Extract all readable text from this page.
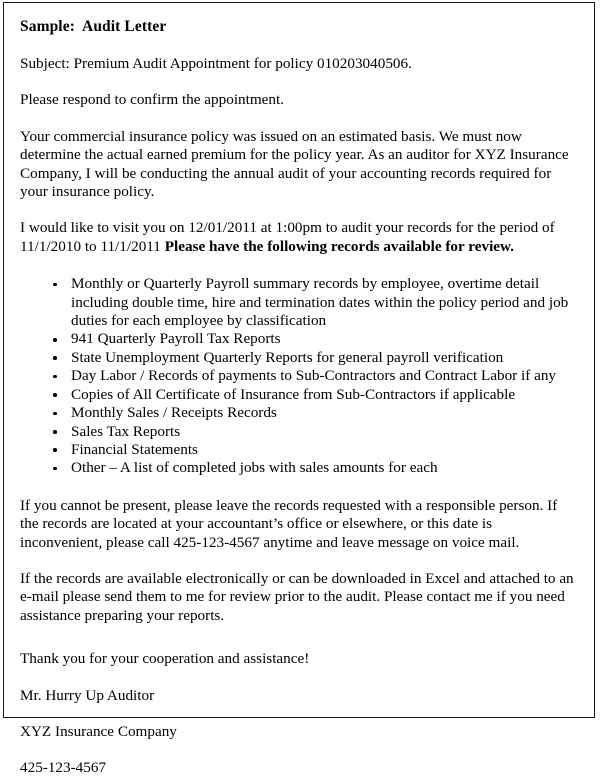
Sample:  Audit Letter

Subject: Premium Audit Appointment for policy 010203040506.

Please respond to confirm the appointment.

Your commercial insurance policy was issued on an estimated basis. We must now determine the actual earned premium for the policy year. As an auditor for XYZ Insurance Company, I will be conducting the annual audit of your accounting records required for your insurance policy.

I would like to visit you on 12/01/2011 at 1:00pm to audit your records for the period of 11/1/2010 to 11/1/2011 Please have the following records available for review.

Monthly or Quarterly Payroll summary records by employee, overtime detail including double time, hire and termination dates within the policy period and job duties for each employee by classification
941 Quarterly Payroll Tax Reports
State Unemployment Quarterly Reports for general payroll verification
Day Labor / Records of payments to Sub-Contractors and Contract Labor if any
Copies of All Certificate of Insurance from Sub-Contractors if applicable
Monthly Sales / Receipts Records
Sales Tax Reports
Financial Statements
Other – A list of completed jobs with sales amounts for each

If you cannot be present, please leave the records requested with a responsible person. If the records are located at your accountant’s office or elsewhere, or this date is inconvenient, please call 425-123-4567 anytime and leave message on voice mail.

If the records are available electronically or can be downloaded in Excel and attached to an e-mail please send them to me for review prior to the audit. Please contact me if you need assistance preparing your reports.

Thank you for your cooperation and assistance!

Mr. Hurry Up Auditor

XYZ Insurance Company

425-123-4567
